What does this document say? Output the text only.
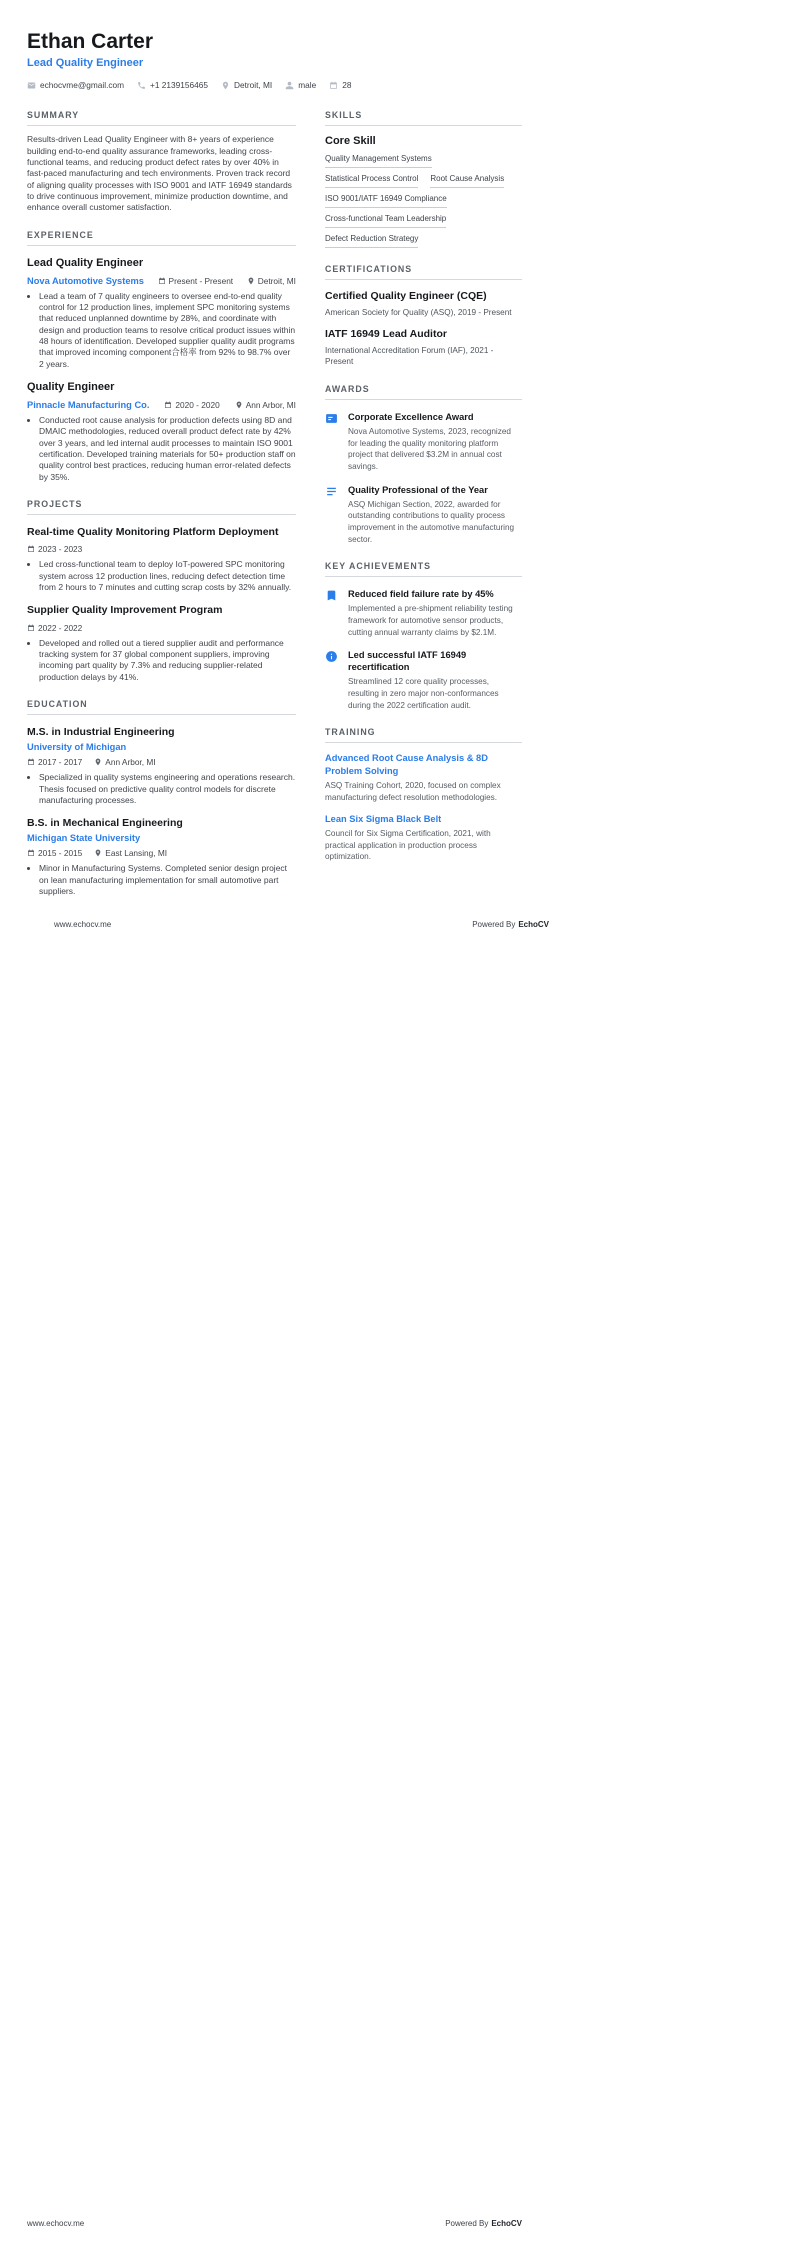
Ethan Carter
Lead Quality Engineer
echocvme@gmail.com	+1 2139156465	Detroit, MI	male	28
SUMMARY

Results-driven Lead Quality Engineer with 8+ years of experience building end-to-end quality assurance frameworks, leading cross-functional teams, and reducing product defect rates by over 40% in fast-paced manufacturing and tech environments. Proven track record of aligning quality processes with ISO 9001 and IATF 16949 standards to drive continuous improvement, minimize production downtime, and enhance overall customer satisfaction.

EXPERIENCE
Lead Quality Engineer
Nova Automotive Systems	Present - Present	Detroit, MI
• Lead a team of 7 quality engineers to oversee end-to-end quality control for 12 production lines, implement SPC monitoring systems that reduced unplanned downtime by 28%, and coordinate with design and production teams to resolve critical product issues within 48 hours of identification. Developed supplier quality audit programs that improved incoming component合格率 from 92% to 98.7% over 2 years.
Quality Engineer
Pinnacle Manufacturing Co.	2020 - 2020	Ann Arbor, MI
• Conducted root cause analysis for production defects using 8D and DMAIC methodologies, reduced overall product defect rate by 42% over 3 years, and led internal audit processes to maintain ISO 9001 certification. Developed training materials for 50+ production staff on quality control best practices, reducing human error-related defects by 35%.
PROJECTS
Real-time Quality Monitoring Platform Deployment
2023 - 2023
• Led cross-functional team to deploy IoT-powered SPC monitoring system across 12 production lines, reducing defect detection time from 2 hours to 7 minutes and cutting scrap costs by 32% annually.
Supplier Quality Improvement Program
2022 - 2022
• Developed and rolled out a tiered supplier audit and performance tracking system for 37 global component suppliers, improving incoming part quality by 7.3% and reducing supplier-related production delays by 41%.
EDUCATION
M.S. in Industrial Engineering
University of Michigan
2017 - 2017	Ann Arbor, MI
• Specialized in quality systems engineering and operations research. Thesis focused on predictive quality control models for discrete manufacturing processes.
B.S. in Mechanical Engineering
Michigan State University
2015 - 2015	East Lansing, MI
• Minor in Manufacturing Systems. Completed senior design project on lean manufacturing implementation for small automotive part suppliers.
SKILLS
Core Skill
Quality Management Systems
Statistical Process Control Root Cause Analysis
ISO 9001/IATF 16949 Compliance
Cross-functional Team Leadership
Defect Reduction Strategy
CERTIFICATIONS
Certified Quality Engineer (CQE)
American Society for Quality (ASQ), 2019 - Present
IATF 16949 Lead Auditor
International Accreditation Forum (IAF), 2021 - Present
AWARDS
Corporate Excellence Award
Nova Automotive Systems, 2023, recognized for leading the quality monitoring platform project that delivered $3.2M in annual cost savings.
Quality Professional of the Year
ASQ Michigan Section, 2022, awarded for outstanding contributions to quality process improvement in the automotive manufacturing sector.
KEY ACHIEVEMENTS
Reduced field failure rate by 45%
Implemented a pre-shipment reliability testing framework for automotive sensor products, cutting annual warranty claims by $2.1M.
Led successful IATF 16949 recertification
Streamlined 12 core quality processes, resulting in zero major non-conformances during the 2022 certification audit.
TRAINING
Advanced Root Cause Analysis & 8D Problem Solving
ASQ Training Cohort, 2020, focused on complex manufacturing defect resolution methodologies.
Lean Six Sigma Black Belt
Council for Six Sigma Certification, 2021, with practical application in production process optimization.
www.echocv.me	Powered By EchoCV
www.echocv.me	Powered By EchoCV
